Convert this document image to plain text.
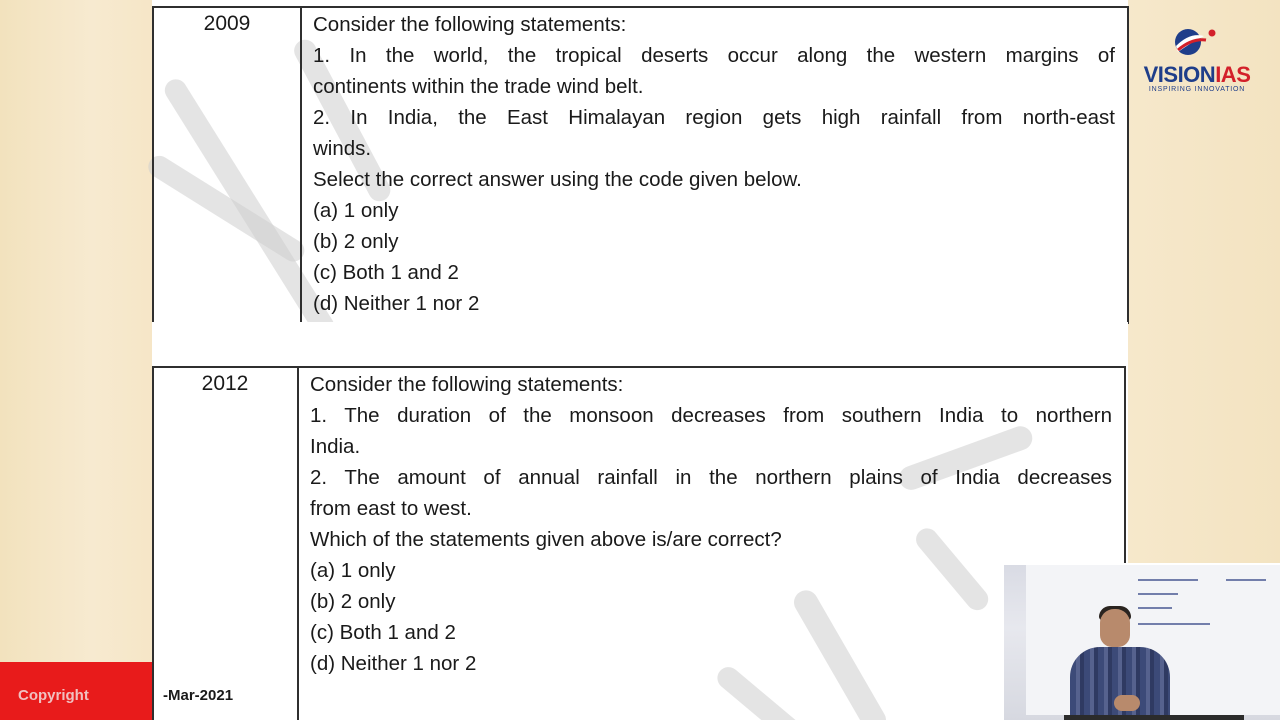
2009	Consider the following statements:
1. In the world, the tropical deserts occur along the western margins of
continents within the trade wind belt.
2. In India, the East Himalayan region gets high rainfall from north-east
winds.
Select the correct answer using the code given below.
(a) 1 only
(b) 2 only
(c) Both 1 and 2
(d) Neither 1 nor 2
2012	Consider the following statements:
1. The duration of the monsoon decreases from southern India to northern
India.
2. The amount of annual rainfall in the northern plains of India decreases
from east to west.
Which of the statements given above is/are correct?
(a) 1 only
(b) 2 only
(c) Both 1 and 2
(d) Neither 1 nor 2
VISIONIAS
INSPIRING INNOVATION
Copyright	-Mar-2021
